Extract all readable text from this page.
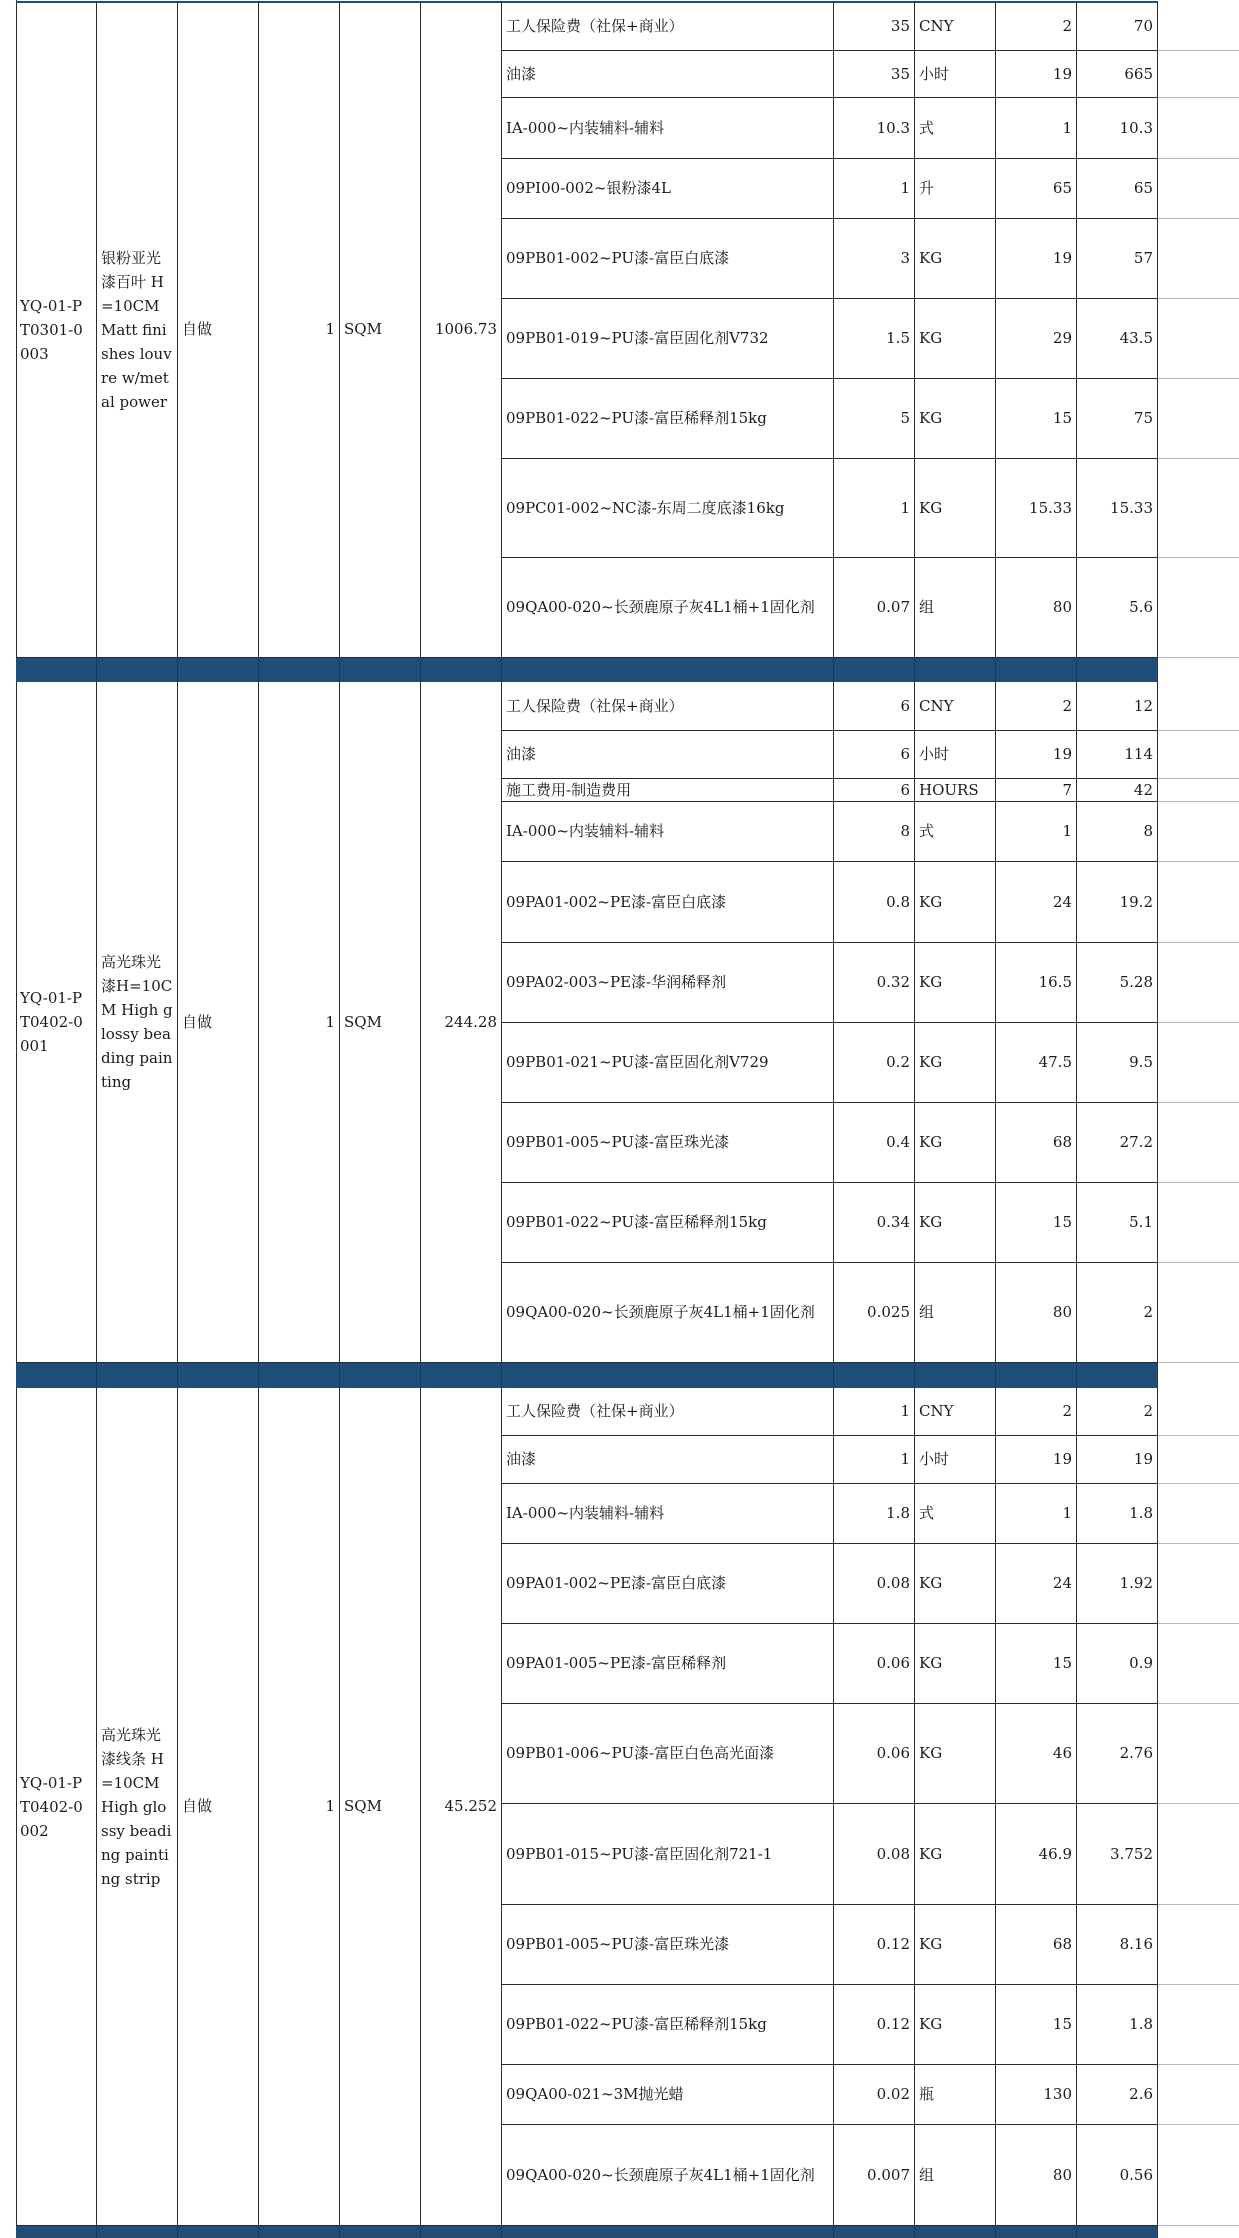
YQ-01-PT0301-0003
银粉亚光漆百叶 H=10CM Matt finishes louvre w/metal power
自做	1 SQM	1006.73
工人保险费（社保+商业）	35 CNY	2	70
油漆	35 小时	19	665
IA-000~内装辅料-辅料	10.3 式	1	10.3
09PI00-002~银粉漆4L	1 升	65	65
09PB01-002~PU漆-富臣白底漆	3 KG	19	57
09PB01-019~PU漆-富臣固化剂V732	1.5 KG	29	43.5
09PB01-022~PU漆-富臣稀释剂15kg	5 KG	15	75
09PC01-002~NC漆-东周二度底漆16kg	1 KG	15.33	15.33
09QA00-020~长颈鹿原子灰4L1桶+1固化剂	0.07 组	80	5.6
YQ-01-PT0402-0001
高光珠光漆H=10CM High glossy beading painting
自做	1 SQM	244.28
工人保险费（社保+商业）	6 CNY	2	12
油漆	6 小时	19	114
施工费用-制造费用	6 HOURS	7	42
IA-000~内装辅料-辅料	8 式	1	8
09PA01-002~PE漆-富臣白底漆	0.8 KG	24	19.2
09PA02-003~PE漆-华润稀释剂	0.32 KG	16.5	5.28
09PB01-021~PU漆-富臣固化剂V729	0.2 KG	47.5	9.5
09PB01-005~PU漆-富臣珠光漆	0.4 KG	68	27.2
09PB01-022~PU漆-富臣稀释剂15kg	0.34 KG	15	5.1
09QA00-020~长颈鹿原子灰4L1桶+1固化剂	0.025 组	80	2
YQ-01-PT0402-0002
高光珠光漆线条 H=10CM High glossy beading painting strip
自做	1 SQM	45.252
工人保险费（社保+商业）	1 CNY	2	2
油漆	1 小时	19	19
IA-000~内装辅料-辅料	1.8 式	1	1.8
09PA01-002~PE漆-富臣白底漆	0.08 KG	24	1.92
09PA01-005~PE漆-富臣稀释剂	0.06 KG	15	0.9
09PB01-006~PU漆-富臣白色高光面漆	0.06 KG	46	2.76
09PB01-015~PU漆-富臣固化剂721-1	0.08 KG	46.9	3.752
09PB01-005~PU漆-富臣珠光漆	0.12 KG	68	8.16
09PB01-022~PU漆-富臣稀释剂15kg	0.12 KG	15	1.8
09QA00-021~3M抛光蜡	0.02 瓶	130	2.6
09QA00-020~长颈鹿原子灰4L1桶+1固化剂	0.007 组	80	0.56
